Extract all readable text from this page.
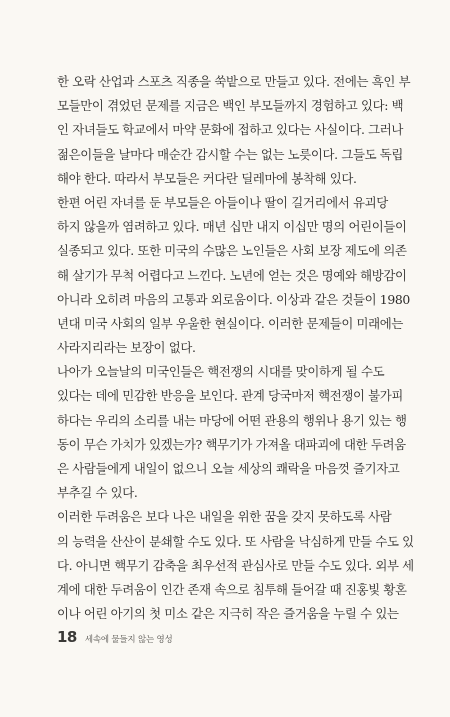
한 오락 산업과 스포츠 직종을 쑥밭으로 만들고 있다. 전에는 흑인 부
모들만이 겪었던 문제를 지금은 백인 부모들까지 경험하고 있다: 백
인 자녀들도 학교에서 마약 문화에 접하고 있다는 사실이다. 그러나
젊은이들을 날마다 매순간 감시할 수는 없는 노릇이다. 그들도 독립
해야 한다. 따라서 부모들은 커다란 딜레마에 봉착해 있다.

한편 어린 자녀를 둔 부모들은 아들이나 딸이 길거리에서 유괴당
하지 않을까 염려하고 있다. 매년 십만 내지 이십만 명의 어린이들이
실종되고 있다. 또한 미국의 수많은 노인들은 사회 보장 제도에 의존
해 살기가 무척 어렵다고 느낀다. 노년에 얻는 것은 명예와 해방감이
아니라 오히려 마음의 고통과 외로움이다. 이상과 같은 것들이 1980
년대 미국 사회의 일부 우울한 현실이다. 이러한 문제들이 미래에는
사라지리라는 보장이 없다.

나아가 오늘날의 미국인들은 핵전쟁의 시대를 맞이하게 될 수도
있다는 데에 민감한 반응을 보인다. 관계 당국마저 핵전쟁이 불가피
하다는 우리의 소리를 내는 마당에 어떤 관용의 행위나 용기 있는 행
동이 무슨 가치가 있겠는가? 핵무기가 가져올 대파괴에 대한 두려움
은 사람들에게 내일이 없으니 오늘 세상의 쾌락을 마음껏 즐기자고
부추길 수 있다.

이러한 두려움은 보다 나은 내일을 위한 꿈을 갖지 못하도록 사람
의 능력을 산산이 분쇄할 수도 있다. 또 사람을 낙심하게 만들 수도 있
다. 아니면 핵무기 감축을 최우선적 관심사로 만들 수도 있다. 외부 세
계에 대한 두려움이 인간 존재 속으로 침투해 들어갈 때 진홍빛 황혼
이나 어린 아기의 첫 미소 같은 지극히 작은 즐거움을 누릴 수 있는

18 세속에 물들지 않는 영성
